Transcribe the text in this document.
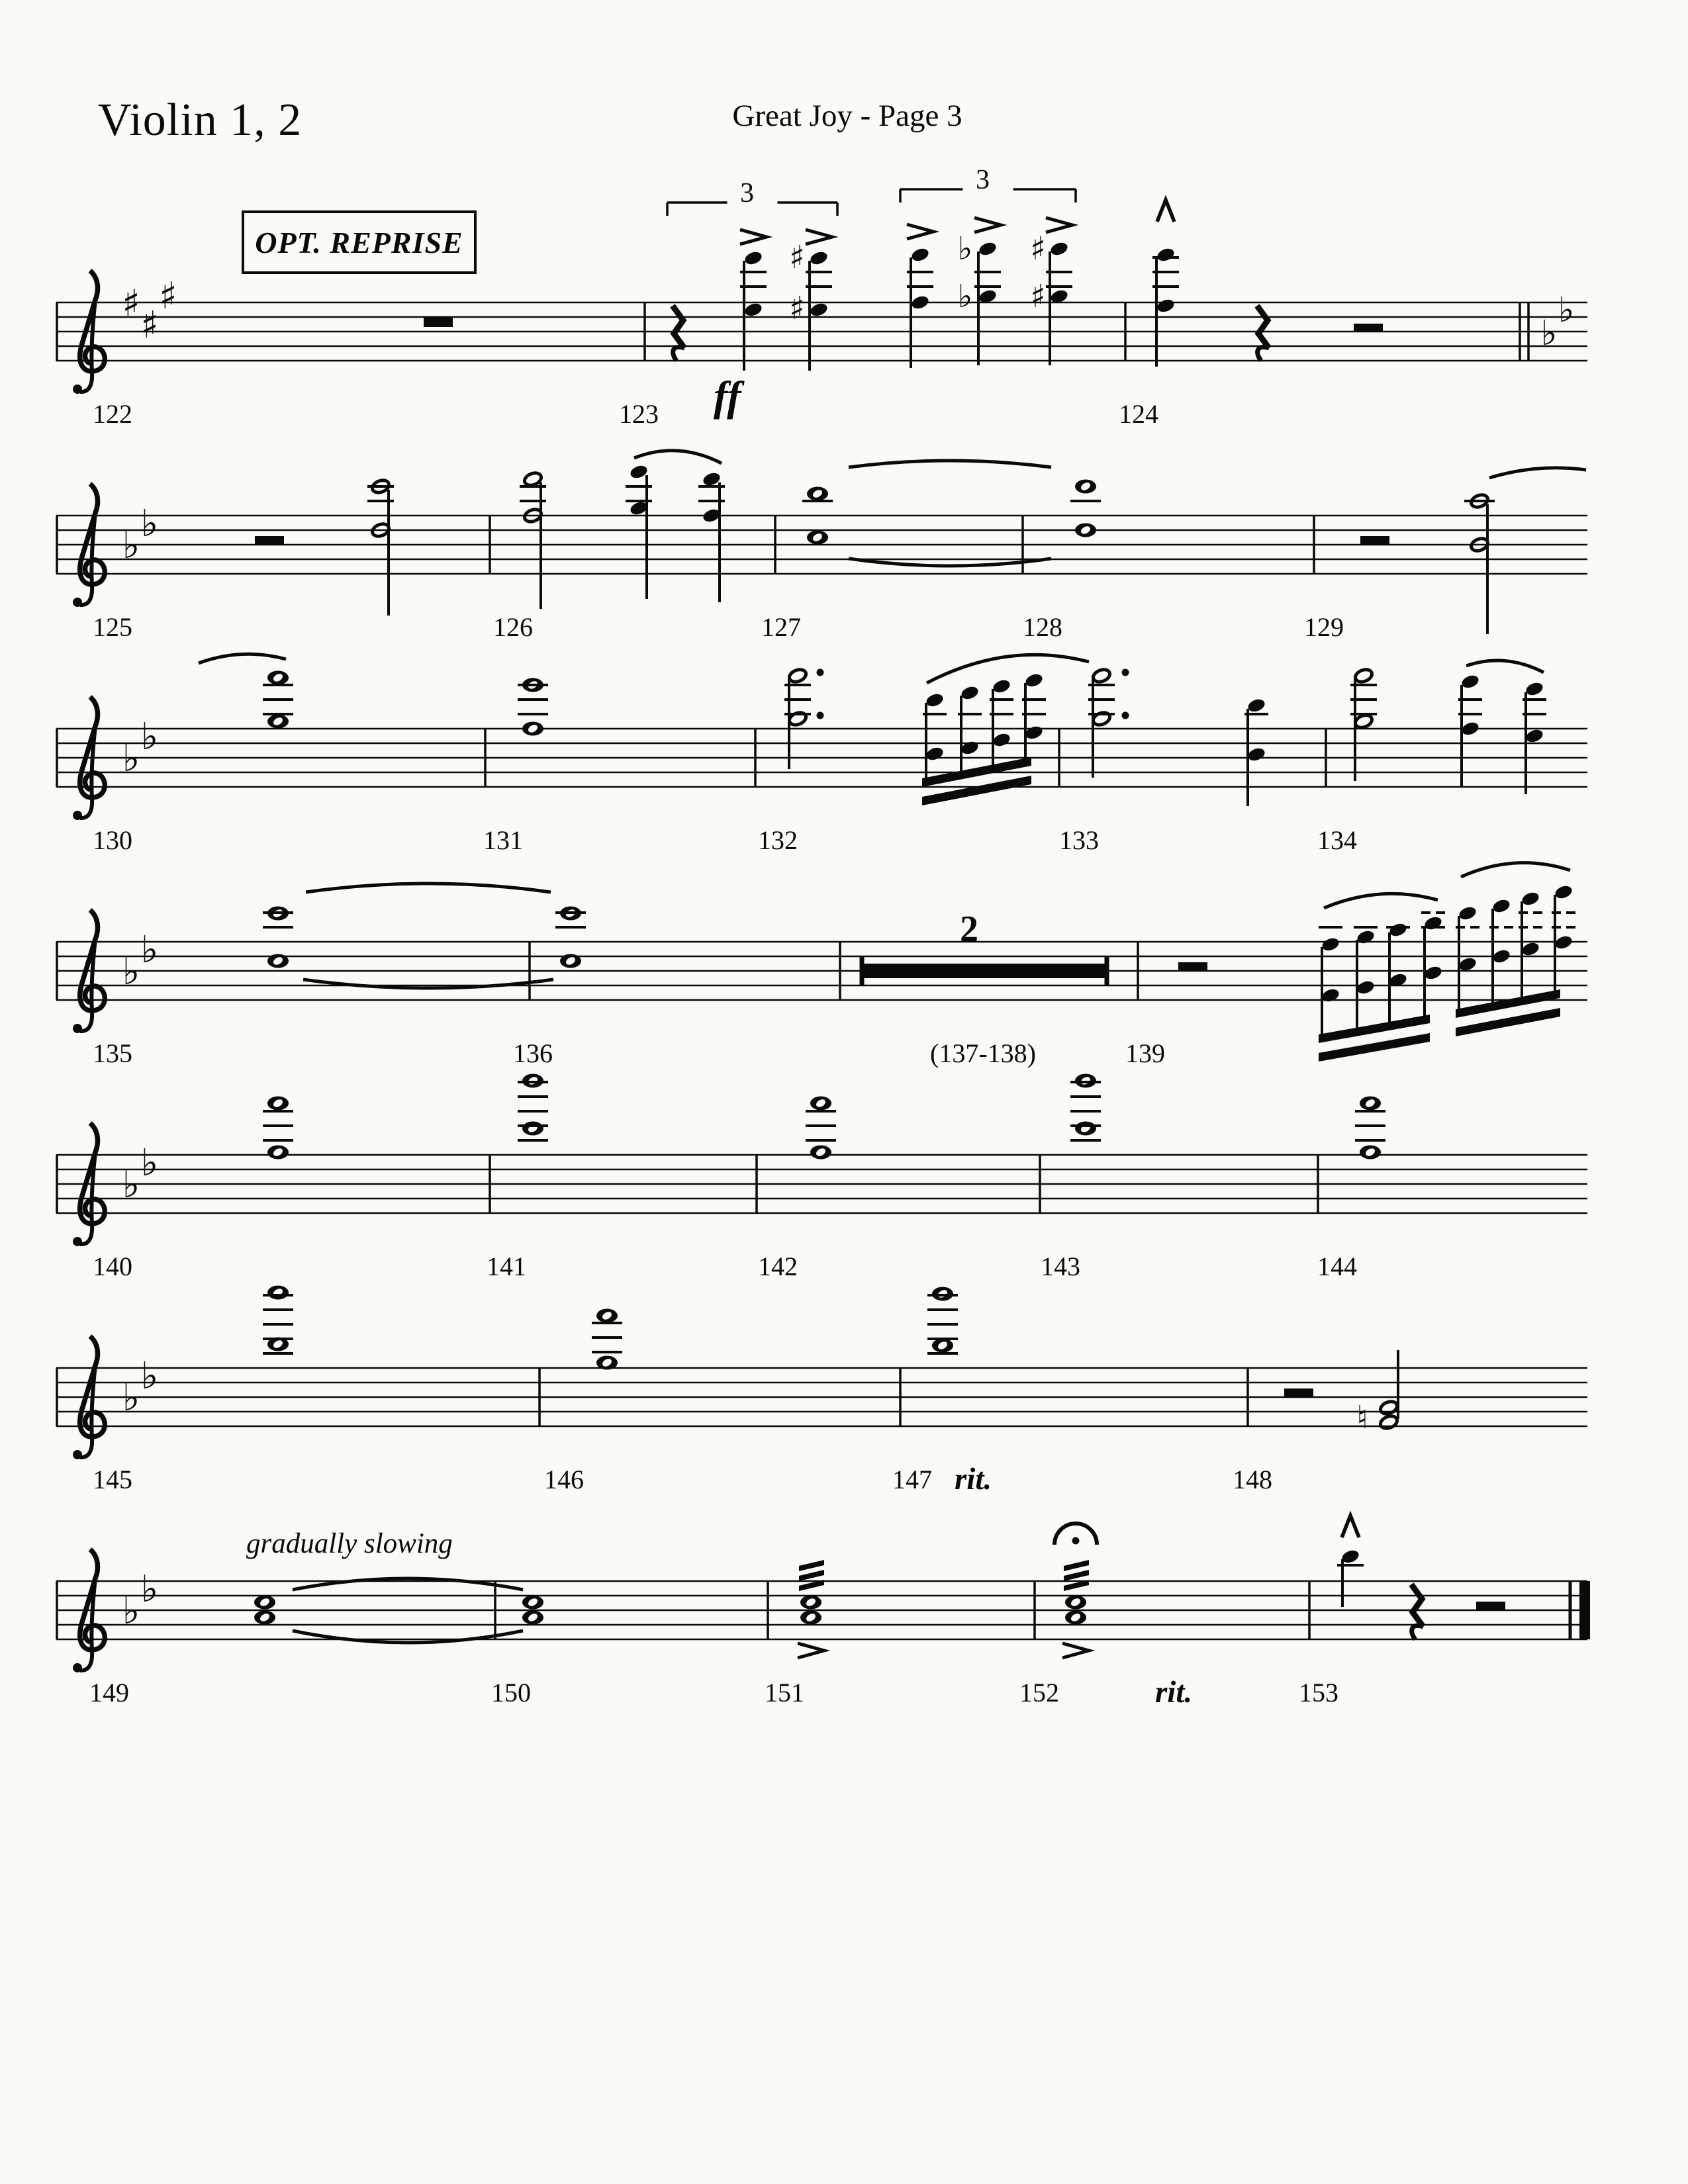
Violin 1, 2	Great Joy - Page 3
OPT. REPRISE
♯
♯
♯
♯
♯
♭
♭
♯
♯
♭
♭
♭
♭
♭
♭
♭
♭
♭
♭
♭
♭
♮
♭
♭
122	123	124
125	126	127	128	129
130	131	132	133	134
135	136	(137-138)	139
140	141	142	143	144
145	146	147	148
149	150	151	152	153
ff
3	3
2
rit.
rit.
gradually slowing
